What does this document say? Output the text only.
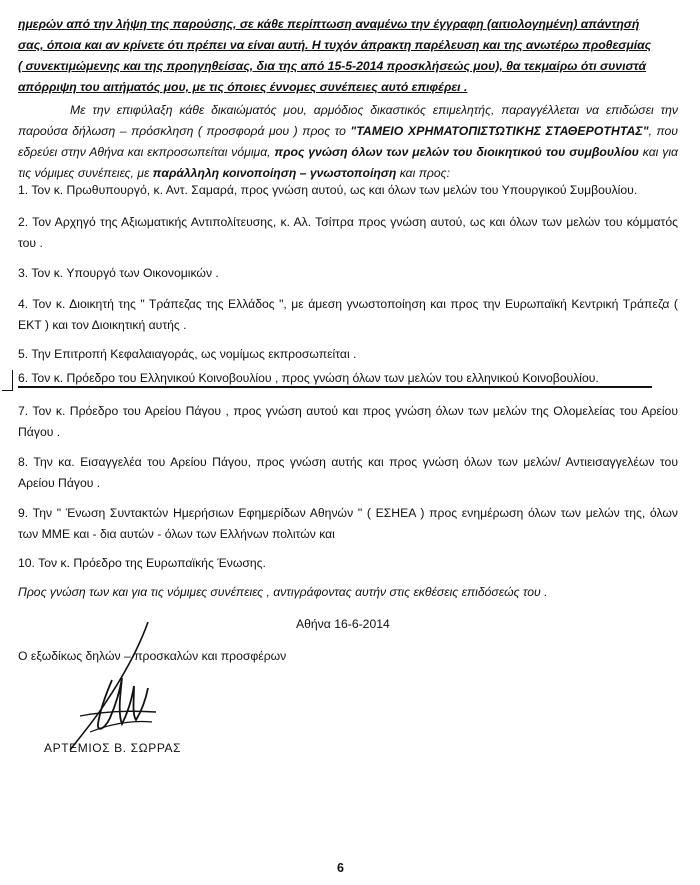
ημερών από την λήψη της παρούσης, σε κάθε περίπτωση αναμένω την έγγραφη (αιτιολογημένη) απάντησή
σας, όποια και αν κρίνετε ότι πρέπει να είναι αυτή. Η τυχόν άπρακτη παρέλευση και της ανωτέρω προθεσμίας
( συνεκτιμώμενης και της προηγηθείσας, δια της από 15-5-2014 προσκλήσεώς μου), θα τεκμαίρω ότι συνιστά
απόρριψη του αιτήματός μου, με τις όποιες έννομες συνέπειες αυτό επιφέρει .
Με την επιφύλαξη κάθε δικαιώματός μου, αρμόδιος δικαστικός επιμελητής, παραγγέλλεται να επιδώσει την παρούσα δήλωση – πρόσκληση ( προσφορά μου ) προς το "ΤΑΜΕΙΟ ΧΡΗΜΑΤΟΠΙΣΤΩΤΙΚΗΣ ΣΤΑΘΕΡΟΤΗΤΑΣ", που εδρεύει στην Αθήνα και εκπροσωπείται νόμιμα, προς γνώση όλων των μελών του διοικητικού του συμβουλίου και για τις νόμιμες συνέπειες, με παράλληλη κοινοποίηση – γνωστοποίηση και προς:
1. Τον κ. Πρωθυπουργό, κ. Αντ. Σαμαρά, προς γνώση αυτού, ως και όλων των μελών του Υπουργικού Συμβουλίου.
2. Τον Αρχηγό της Αξιωματικής Αντιπολίτευσης, κ. Αλ. Τσίπρα προς γνώση αυτού, ως και όλων των μελών του κόμματός του .
3. Τον κ. Υπουργό των Οικονομικών .
4. Τον κ. Διοικητή της " Τράπεζας της Ελλάδος ", με άμεση γνωστοποίηση και προς την Ευρωπαϊκή Κεντρική Τράπεζα ( ΕΚΤ ) και τον Διοικητική αυτής .
5. Την Επιτροπή Κεφαλαιαγοράς, ως νομίμως εκπροσωπείται .
6. Τον κ. Πρόεδρο του Ελληνικού Κοινοβουλίου , προς γνώση όλων των μελών του ελληνικού Κοινοβουλίου.
7. Τον κ. Πρόεδρο του Αρείου Πάγου , προς γνώση αυτού και προς γνώση όλων των μελών της Ολομελείας του Αρείου Πάγου .
8. Την κα. Εισαγγελέα του Αρείου Πάγου, προς γνώση αυτής και προς γνώση όλων των μελών/ Αντιεισαγγελέων του Αρείου Πάγου .
9. Την " Ένωση Συντακτών Ημερήσιων Εφημερίδων Αθηνών " ( ΕΣΗΕΑ ) προς ενημέρωση όλων των μελών της, όλων των ΜΜΕ και - δια αυτών - όλων των Ελλήνων πολιτών και
10. Τον κ. Πρόεδρο της Ευρωπαϊκής Ένωσης.
Προς γνώση των και για τις νόμιμες συνέπειες , αντιγράφοντας αυτήν στις εκθέσεις επιδόσεώς του .
Αθήνα 16-6-2014
Ο εξωδίκως δηλών – προσκαλών και προσφέρων
ΑΡΤΕΜΙΟΣ Β. ΣΩΡΡΑΣ
6
